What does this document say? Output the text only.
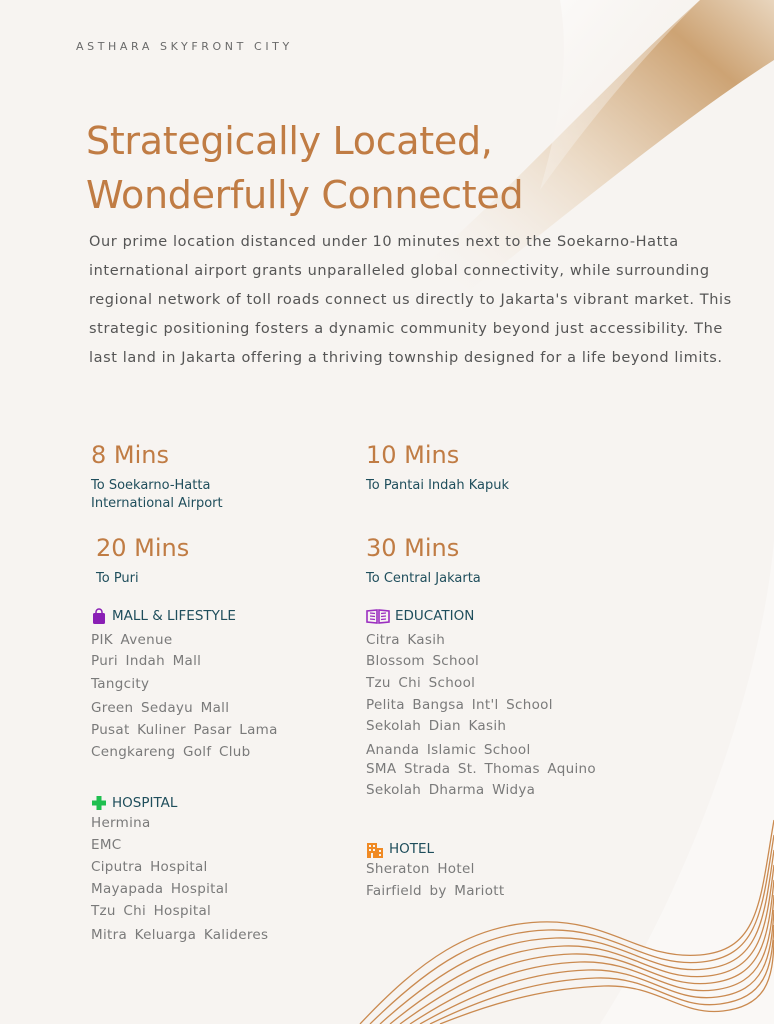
ASTHARA SKYFRONT CITY
Strategically Located,
Wonderfully Connected

Our prime location distanced under 10 minutes next to the Soekarno-Hatta international airport grants unparalleled global connectivity, while surrounding regional network of toll roads connect us directly to Jakarta's vibrant market. This strategic positioning fosters a dynamic community beyond just accessibility. The last land in Jakarta offering a thriving township designed for a life beyond limits.

8 Mins
To Soekarno-Hatta International Airport
10 Mins
To Pantai Indah Kapuk
20 Mins
To Puri
30 Mins
To Central Jakarta
MALL & LIFESTYLE
PIK Avenue
Puri Indah Mall
Tangcity
Green Sedayu Mall
Pusat Kuliner Pasar Lama
Cengkareng Golf Club
EDUCATION
Citra Kasih
Blossom School
Tzu Chi School
Pelita Bangsa Int'l School
Sekolah Dian Kasih
Ananda Islamic School
SMA Strada St. Thomas Aquino
Sekolah Dharma Widya
HOSPITAL
Hermina
EMC
Ciputra Hospital
Mayapada Hospital
Tzu Chi Hospital
Mitra Keluarga Kalideres
HOTEL
Sheraton Hotel
Fairfield by Mariott
